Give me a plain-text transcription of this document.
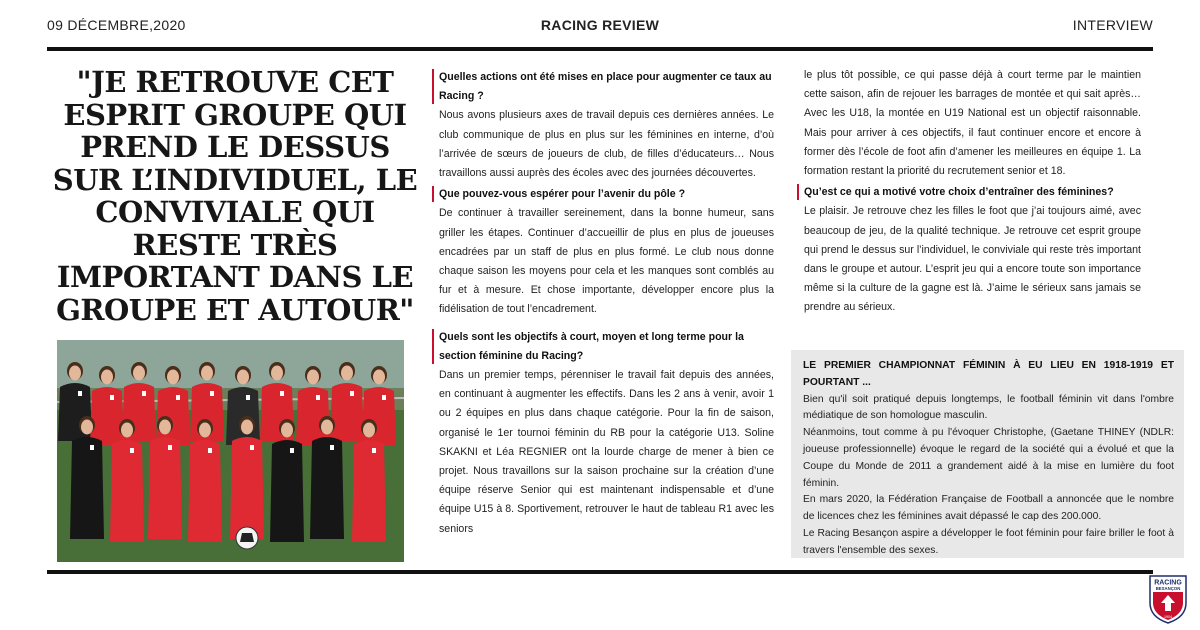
09 DÉCEMBRE,2020	RACING REVIEW	INTERVIEW
"JE RETROUVE CET ESPRIT GROUPE QUI PREND LE DESSUS SUR L’INDIVIDUEL, LE CONVIVIALE QUI RESTE TRÈS IMPORTANT DANS LE GROUPE ET AUTOUR"
Quelles actions ont été mises en place pour augmenter ce taux au Racing ?

Nous avons plusieurs axes de travail depuis ces dernières années. Le club communique de plus en plus sur les féminines en interne, d’où l’arrivée de sœurs de joueurs de club, de filles d’éducateurs… Nous travaillons aussi auprès des écoles avec des journées découvertes.

Que pouvez-vous espérer pour l’avenir du pôle ?

De continuer à travailler sereinement, dans la bonne humeur, sans griller les étapes. Continuer d’accueillir de plus en plus de joueuses encadrées par un staff de plus en plus formé. Le club nous donne chaque saison les moyens pour cela et les manques sont comblés au fur et à mesure. Et chose importante, développer encore plus la fidélisation de tout l’encadrement.

Quels sont les objectifs à court, moyen et long terme pour la section féminine du Racing?

Dans un premier temps, pérenniser le travail fait depuis des années, en continuant à augmenter les effectifs. Dans les 2 ans à venir, avoir 1 ou 2 équipes en plus dans chaque catégorie. Pour la fin de saison, organisé le 1er tournoi féminin du RB pour la catégorie U13. Soline SKAKNI et Léa REGNIER ont la lourde charge de mener à bien ce projet. Nous travaillons sur la saison prochaine sur la création d’une équipe réserve Senior qui est maintenant indispensable et d’une équipe U15 à 8. Sportivement, retrouver le haut de tableau R1 avec les seniors

le plus tôt possible, ce qui passe déjà à court terme par le maintien cette saison, afin de rejouer les barrages de montée et qui sait après… Avec les U18, la montée en U19 National est un objectif raisonnable. Mais pour arriver à ces objectifs, il faut continuer encore et encore à former dès l’école de foot afin d’amener les meilleures en équipe 1. La formation restant la priorité du recrutement senior et 18.

Qu’est ce qui a motivé votre choix d’entraîner des féminines?

Le plaisir. Je retrouve chez les filles le foot que j’ai toujours aimé, avec beaucoup de jeu, de la qualité technique. Je retrouve cet esprit groupe qui prend le dessus sur l’individuel, le conviviale qui reste très important dans le groupe et autour. L’esprit jeu qui a encore toute son importance même si la culture de la gagne est là. J’aime le sérieux sans jamais se prendre au sérieux.

LE PREMIER CHAMPIONNAT FÉMININ À EU LIEU EN 1918-1919 ET POURTANT ...

Bien qu'il soit pratiqué depuis longtemps, le football féminin vit dans l'ombre médiatique de son homologue masculin.

Néanmoins, tout comme à pu l'évoquer Christophe, (Gaetane THINEY (NDLR: joueuse professionnelle) évoque le regard de la société qui a évolué et que la Coupe du Monde de 2011 a grandement aidé à la mise en lumière du foot féminin.

En mars 2020, la Fédération Française de Football a annoncée que le nombre de licences chez les féminines avait dépassé le cap des 200.000.

Le Racing Besançon aspire a développer le foot féminin pour faire briller le foot à travers l'ensemble des sexes.

RACING
BESANÇON
1904
